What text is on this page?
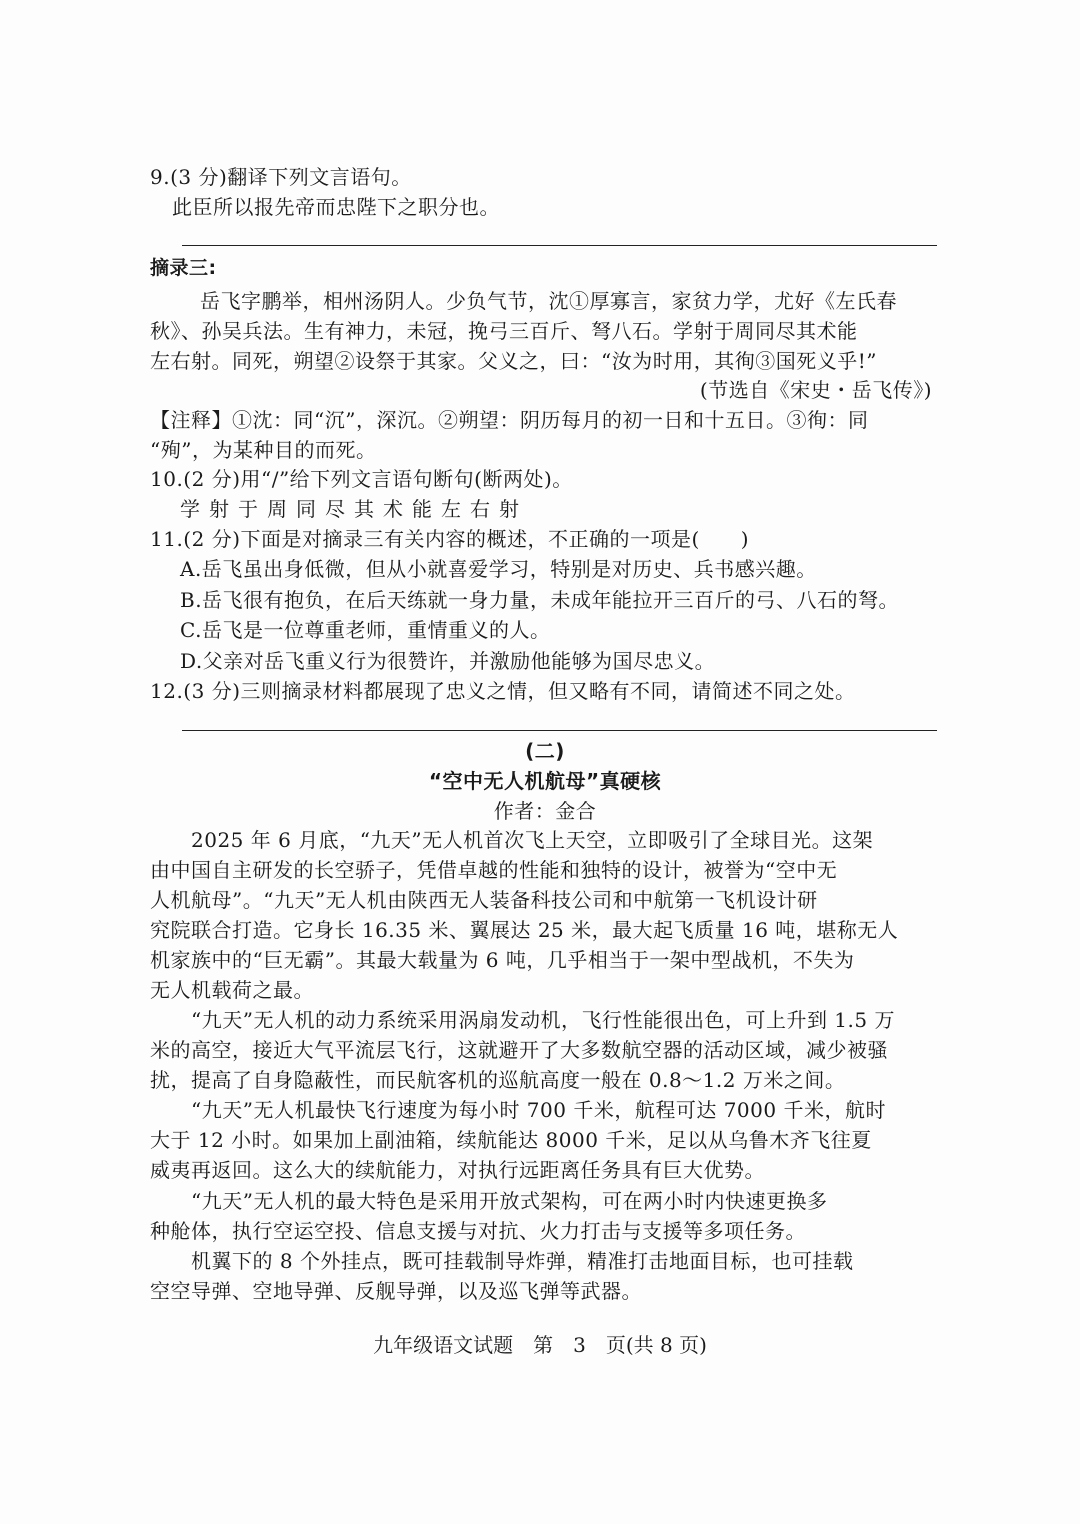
9.(3 分)翻译下列文言语句。
此臣所以报先帝而忠陛下之职分也。
摘录三:
岳飞字鹏举，相州汤阴人。少负气节，沈①厚寡言，家贫力学，尤好《左氏春
秋》、孙吴兵法。生有神力，未冠，挽弓三百斤、弩八石。学射于周同尽其术能
左右射。同死，朔望②设祭于其家。父义之，曰：“汝为时用，其徇③国死义乎!”
(节选自《宋史・岳飞传》)
【注释】①沈：同“沉”，深沉。②朔望：阴历每月的初一日和十五日。③徇：同
“殉”，为某种目的而死。
10.(2 分)用“/”给下列文言语句断句(断两处)。
学射于周同尽其术能左右射
11.(2 分)下面是对摘录三有关内容的概述，不正确的一项是(　　)
A.岳飞虽出身低微，但从小就喜爱学习，特别是对历史、兵书感兴趣。
B.岳飞很有抱负，在后天练就一身力量，未成年能拉开三百斤的弓、八石的弩。
C.岳飞是一位尊重老师，重情重义的人。
D.父亲对岳飞重义行为很赞许，并激励他能够为国尽忠义。
12.(3 分)三则摘录材料都展现了忠义之情，但又略有不同，请简述不同之处。
(二)
“空中无人机航母”真硬核
作者：金合
　　2025 年 6 月底，“九天”无人机首次飞上天空，立即吸引了全球目光。这架
由中国自主研发的长空骄子，凭借卓越的性能和独特的设计，被誉为“空中无
人机航母”。“九天”无人机由陕西无人装备科技公司和中航第一飞机设计研
究院联合打造。它身长 16.35 米、翼展达 25 米，最大起飞质量 16 吨，堪称无人
机家族中的“巨无霸”。其最大载量为 6 吨，几乎相当于一架中型战机，不失为
无人机载荷之最。
　　“九天”无人机的动力系统采用涡扇发动机，飞行性能很出色，可上升到 1.5 万
米的高空，接近大气平流层飞行，这就避开了大多数航空器的活动区域，减少被骚
扰，提高了自身隐蔽性，而民航客机的巡航高度一般在 0.8～1.2 万米之间。
　　“九天”无人机最快飞行速度为每小时 700 千米，航程可达 7000 千米，航时
大于 12 小时。如果加上副油箱，续航能达 8000 千米，足以从乌鲁木齐飞往夏
威夷再返回。这么大的续航能力，对执行远距离任务具有巨大优势。
　　“九天”无人机的最大特色是采用开放式架构，可在两小时内快速更换多
种舱体，执行空运空投、信息支援与对抗、火力打击与支援等多项任务。
　　机翼下的 8 个外挂点，既可挂载制导炸弹，精准打击地面目标，也可挂载
空空导弹、空地导弹、反舰导弹，以及巡飞弹等武器。
九年级语文试题　第　3　页(共 8 页)
